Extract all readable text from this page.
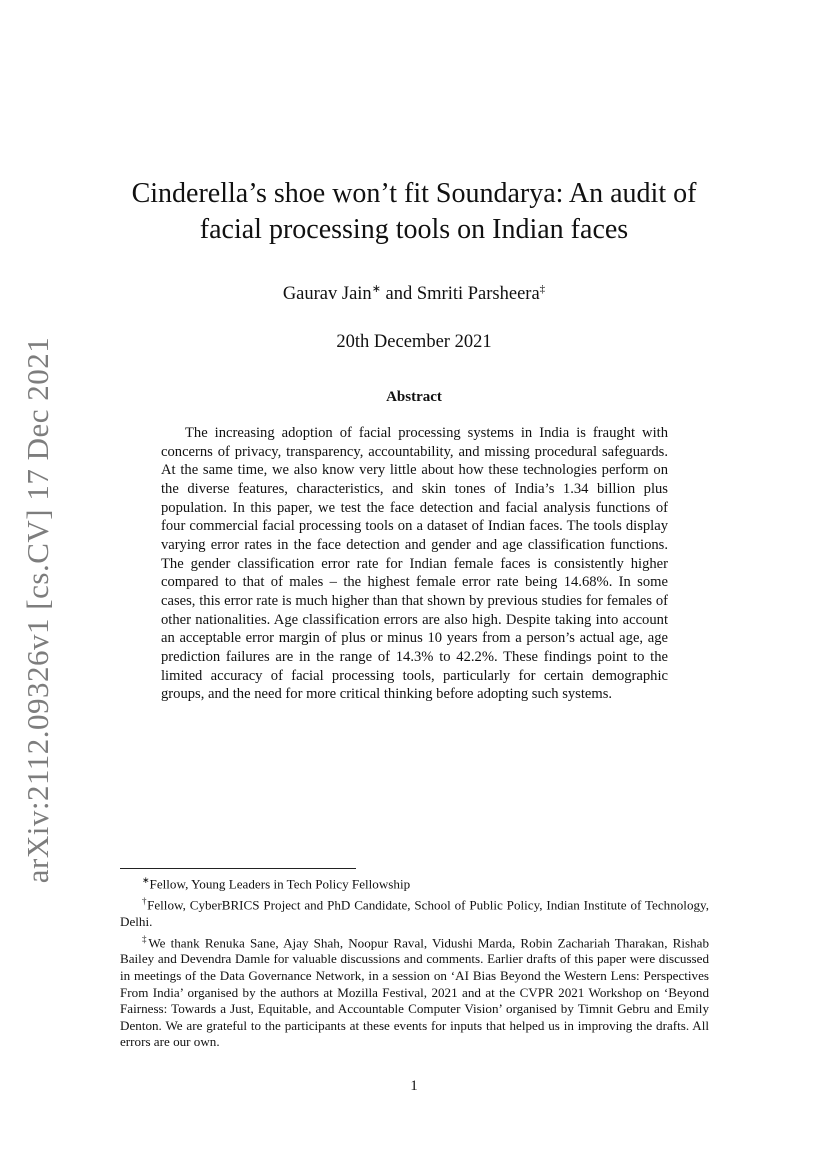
arXiv:2112.09326v1 [cs.CV] 17 Dec 2021
Cinderella’s shoe won’t fit Soundarya: An audit of
facial processing tools on Indian faces
Gaurav Jain∗ and Smriti Parsheera‡
20th December 2021
Abstract

The increasing adoption of facial processing systems in India is fraught with concerns of privacy, transparency, accountability, and missing procedural safeguards. At the same time, we also know very little about how these technologies perform on the diverse features, characteristics, and skin tones of India’s 1.34 billion plus population. In this paper, we test the face detection and facial analysis functions of four commercial facial processing tools on a dataset of Indian faces. The tools display varying error rates in the face detection and gender and age classification functions. The gender classification error rate for Indian female faces is consistently higher compared to that of males – the highest female error rate being 14.68%. In some cases, this error rate is much higher than that shown by previous studies for females of other nationalities. Age classification errors are also high. Despite taking into account an acceptable error margin of plus or minus 10 years from a person’s actual age, age prediction failures are in the range of 14.3% to 42.2%. These findings point to the limited accuracy of facial processing tools, particularly for certain demographic groups, and the need for more critical thinking before adopting such systems.

∗Fellow, Young Leaders in Tech Policy Fellowship

†Fellow, CyberBRICS Project and PhD Candidate, School of Public Policy, Indian Institute of Technology, Delhi.

‡We thank Renuka Sane, Ajay Shah, Noopur Raval, Vidushi Marda, Robin Zachariah Tharakan, Rishab Bailey and Devendra Damle for valuable discussions and comments. Earlier drafts of this paper were discussed in meetings of the Data Governance Network, in a session on ‘AI Bias Beyond the Western Lens: Perspectives From India’ organised by the authors at Mozilla Festival, 2021 and at the CVPR 2021 Workshop on ‘Beyond Fairness: Towards a Just, Equitable, and Accountable Computer Vision’ organised by Timnit Gebru and Emily Denton. We are grateful to the participants at these events for inputs that helped us in improving the drafts. All errors are our own.

1
